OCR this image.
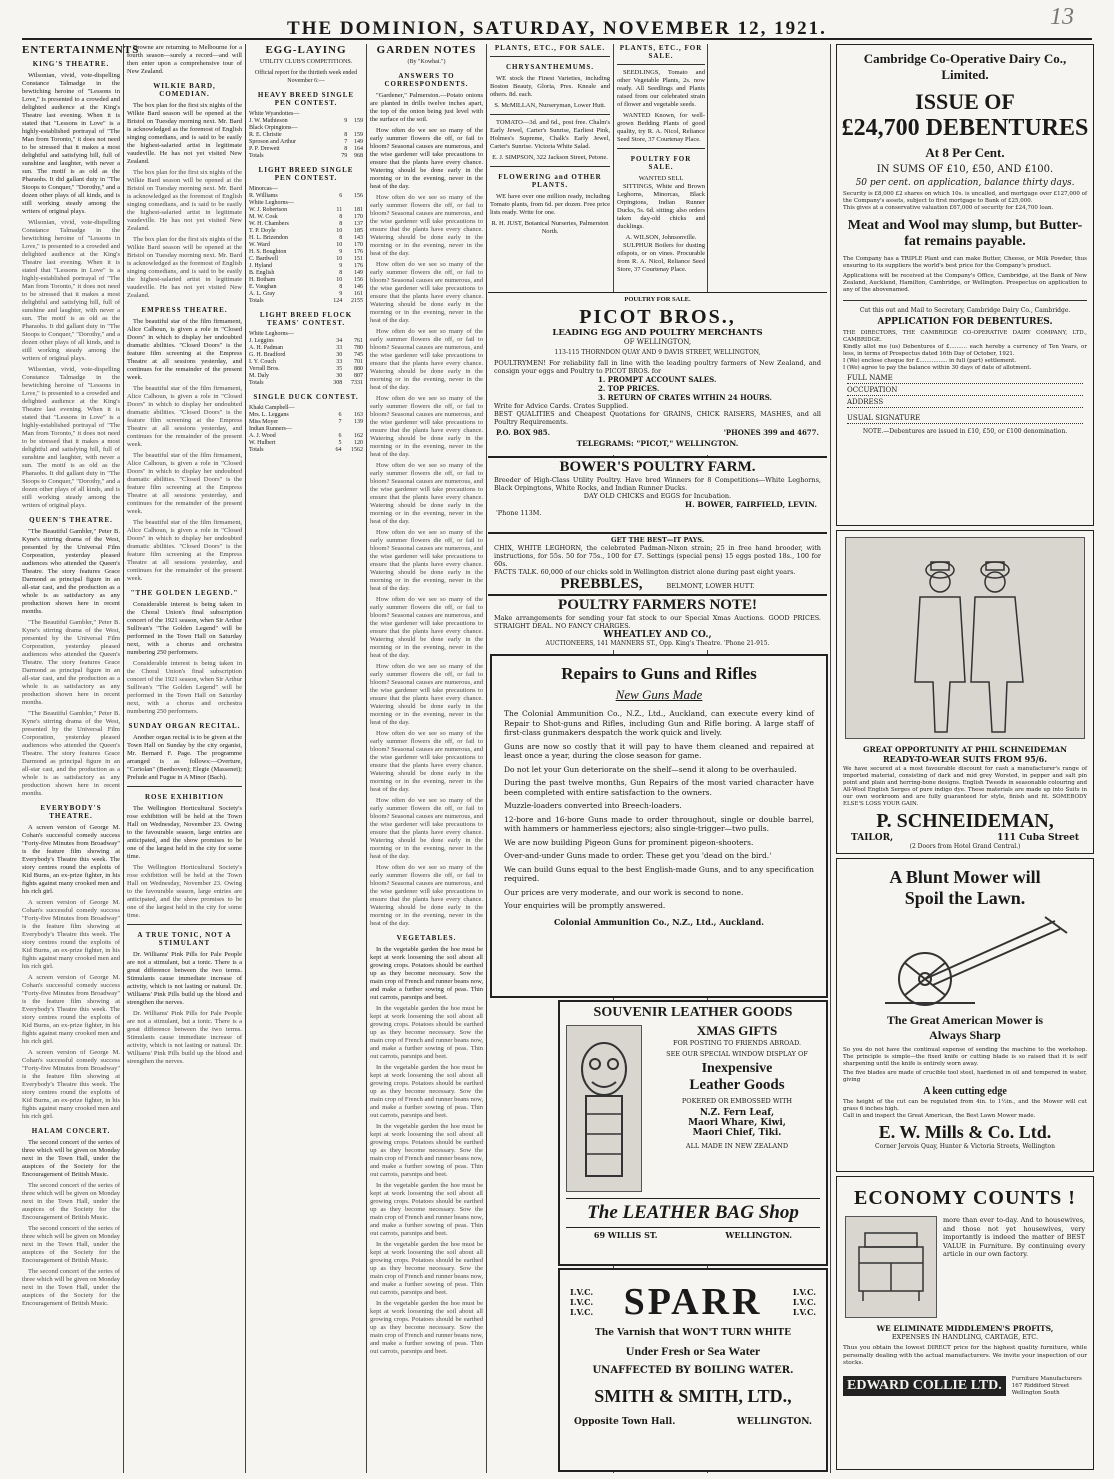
THE DOMINION, SATURDAY, NOVEMBER 12, 1921.	13
ENTERTAINMENTS
KING'S THEATRE.

Wilsonian, vivid, vote-dispelling Constance Talmadge in the bewitching heroine of "Lessons in Love," is presented to a crowded and delighted audience at the King's Theatre last evening. When it is stated that "Lessons in Love" is a highly-established portrayal of "The Man from Toronto," it does not need to be stressed that it makes a most delightful and satisfying bill, full of sunshine and laughter, with never a sun. The motif is as old as the Pharaohs. It did gallant duty in "The Stoops to Conquer," "Dorothy," and a dozen other plays of all kinds, and is still working steady among the writers of original plays.

Wilsonian, vivid, vote-dispelling Constance Talmadge in the bewitching heroine of "Lessons in Love," is presented to a crowded and delighted audience at the King's Theatre last evening. When it is stated that "Lessons in Love" is a highly-established portrayal of "The Man from Toronto," it does not need to be stressed that it makes a most delightful and satisfying bill, full of sunshine and laughter, with never a sun. The motif is as old as the Pharaohs. It did gallant duty in "The Stoops to Conquer," "Dorothy," and a dozen other plays of all kinds, and is still working steady among the writers of original plays.

Wilsonian, vivid, vote-dispelling Constance Talmadge in the bewitching heroine of "Lessons in Love," is presented to a crowded and delighted audience at the King's Theatre last evening. When it is stated that "Lessons in Love" is a highly-established portrayal of "The Man from Toronto," it does not need to be stressed that it makes a most delightful and satisfying bill, full of sunshine and laughter, with never a sun. The motif is as old as the Pharaohs. It did gallant duty in "The Stoops to Conquer," "Dorothy," and a dozen other plays of all kinds, and is still working steady among the writers of original plays.

QUEEN'S THEATRE.

"The Beautiful Gambler," Peter B. Kyne's stirring drama of the West, presented by the Universal Film Corporation, yesterday pleased audiences who attended the Queen's Theatre. The story features Grace Darmond as principal figure in an all-star cast, and the production as a whole is as satisfactory as any production shown here in recent months.

"The Beautiful Gambler," Peter B. Kyne's stirring drama of the West, presented by the Universal Film Corporation, yesterday pleased audiences who attended the Queen's Theatre. The story features Grace Darmond as principal figure in an all-star cast, and the production as a whole is as satisfactory as any production shown here in recent months.

"The Beautiful Gambler," Peter B. Kyne's stirring drama of the West, presented by the Universal Film Corporation, yesterday pleased audiences who attended the Queen's Theatre. The story features Grace Darmond as principal figure in an all-star cast, and the production as a whole is as satisfactory as any production shown here in recent months.

EVERYBODY'S THEATRE.

A screen version of George M. Cohan's successful comedy success "Forty-five Minutes from Broadway" is the feature film showing at Everybody's Theatre this week. The story centres round the exploits of Kid Burns, an ex-prize fighter, in his fights against many crooked men and his rich girl.

A screen version of George M. Cohan's successful comedy success "Forty-five Minutes from Broadway" is the feature film showing at Everybody's Theatre this week. The story centres round the exploits of Kid Burns, an ex-prize fighter, in his fights against many crooked men and his rich girl.

A screen version of George M. Cohan's successful comedy success "Forty-five Minutes from Broadway" is the feature film showing at Everybody's Theatre this week. The story centres round the exploits of Kid Burns, an ex-prize fighter, in his fights against many crooked men and his rich girl.

A screen version of George M. Cohan's successful comedy success "Forty-five Minutes from Broadway" is the feature film showing at Everybody's Theatre this week. The story centres round the exploits of Kid Burns, an ex-prize fighter, in his fights against many crooked men and his rich girl.

HALAM CONCERT.

The second concert of the series of three which will be given on Monday next in the Town Hall, under the auspices of the Society for the Encouragement of British Music.

The second concert of the series of three which will be given on Monday next in the Town Hall, under the auspices of the Society for the Encouragement of British Music.

The second concert of the series of three which will be given on Monday next in the Town Hall, under the auspices of the Society for the Encouragement of British Music.

The second concert of the series of three which will be given on Monday next in the Town Hall, under the auspices of the Society for the Encouragement of British Music.

Browne are returning to Melbourne for a fourth season—surely a record—and will then enter upon a comprehensive tour of New Zealand.

WILKIE BARD, COMEDIAN.

The box plan for the first six nights of the Wilkie Bard season will be opened at the Bristol on Tuesday morning next. Mr. Bard is acknowledged as the foremost of English singing comedians, and is said to be easily the highest-salaried artist in legitimate vaudeville. He has not yet visited New Zealand.

The box plan for the first six nights of the Wilkie Bard season will be opened at the Bristol on Tuesday morning next. Mr. Bard is acknowledged as the foremost of English singing comedians, and is said to be easily the highest-salaried artist in legitimate vaudeville. He has not yet visited New Zealand.

The box plan for the first six nights of the Wilkie Bard season will be opened at the Bristol on Tuesday morning next. Mr. Bard is acknowledged as the foremost of English singing comedians, and is said to be easily the highest-salaried artist in legitimate vaudeville. He has not yet visited New Zealand.

EMPRESS THEATRE.

The beautiful star of the film firmament, Alice Calhoun, is given a role in "Closed Doors" in which to display her undoubted dramatic abilities. "Closed Doors" is the feature film screening at the Empress Theatre at all sessions yesterday, and continues for the remainder of the present week.

The beautiful star of the film firmament, Alice Calhoun, is given a role in "Closed Doors" in which to display her undoubted dramatic abilities. "Closed Doors" is the feature film screening at the Empress Theatre at all sessions yesterday, and continues for the remainder of the present week.

The beautiful star of the film firmament, Alice Calhoun, is given a role in "Closed Doors" in which to display her undoubted dramatic abilities. "Closed Doors" is the feature film screening at the Empress Theatre at all sessions yesterday, and continues for the remainder of the present week.

The beautiful star of the film firmament, Alice Calhoun, is given a role in "Closed Doors" in which to display her undoubted dramatic abilities. "Closed Doors" is the feature film screening at the Empress Theatre at all sessions yesterday, and continues for the remainder of the present week.

"THE GOLDEN LEGEND."

Considerable interest is being taken in the Choral Union's final subscription concert of the 1921 season, when Sir Arthur Sullivan's "The Golden Legend" will be performed in the Town Hall on Saturday next, with a chorus and orchestra numbering 250 performers.

Considerable interest is being taken in the Choral Union's final subscription concert of the 1921 season, when Sir Arthur Sullivan's "The Golden Legend" will be performed in the Town Hall on Saturday next, with a chorus and orchestra numbering 250 performers.

SUNDAY ORGAN RECITAL.

Another organ recital is to be given at the Town Hall on Sunday by the city organist, Mr. Bernard F. Page. The programme arranged is as follows:—Overture, "Coriolan" (Beethoven); Elegie (Massenet); Prelude and Fugue in A Minor (Bach).

ROSE EXHIBITION

The Wellington Horticultural Society's rose exhibition will be held at the Town Hall on Wednesday, November 23. Owing to the favourable season, large entries are anticipated, and the show promises to be one of the largest held in the city for some time.

The Wellington Horticultural Society's rose exhibition will be held at the Town Hall on Wednesday, November 23. Owing to the favourable season, large entries are anticipated, and the show promises to be one of the largest held in the city for some time.

A TRUE TONIC, NOT A STIMULANT

Dr. Williams' Pink Pills for Pale People are not a stimulant, but a tonic. There is a great difference between the two terms. Stimulants cause immediate increase of activity, which is not lasting or natural. Dr. Williams' Pink Pills build up the blood and strengthen the nerves.

Dr. Williams' Pink Pills for Pale People are not a stimulant, but a tonic. There is a great difference between the two terms. Stimulants cause immediate increase of activity, which is not lasting or natural. Dr. Williams' Pink Pills build up the blood and strengthen the nerves.

EGG-LAYING
UTILITY CLUB'S COMPETITIONS.
Official report for the thirtieth week ended November 6:—
HEAVY BREED SINGLE PEN CONTEST.
White Wyandottes—		
J. W. Mathieson	9	159
Black Orpingtons—		
R. E. Christie	8	159
Sproson and Arthur	7	149
P. P. Drewett	8	164
Totals	79	968
LIGHT BREED SINGLE PEN CONTEST.
Minorcas—		
R. Williams	6	156
White Leghorns—		
W. J. Robertson	11	181
M. W. Cosk	8	170
W. H. Chambers	8	137
T. P. Doyle	10	185
H. L. Brizendon	8	143
W. Ward	10	170
H. S. Boughton	9	176
C. Bardwell	10	151
J. Hyland	9	176
B. English	8	149
H. Botham	10	156
E. Vaughan	8	146
A. L. Gray	9	161
Totals	124	2155
LIGHT BREED FLOCK TEAMS' CONTEST.
White Leghorns—		
J. Leggins	34	761
A. H. Padman	33	780
G. H. Bradford	30	745
I. Y. Couch	33	701
Verrall Bros.	35	880
M. Daly	30	807
Totals	308	7331
SINGLE DUCK CONTEST.
Khaki Campbell—		
Mrs. L. Leggans	6	163
Miss Moyer	7	139
Indian Runners—		
A. J. Wood	6	162
W. Hulbert	5	120
Totals	64	1562
GARDEN NOTES
(By "Kowhai.")
ANSWERS TO CORRESPONDENTS.

"Gardener," Palmerston.—Potato onions are planted in drills twelve inches apart, the top of the onion being just level with the surface of the soil.

How often do we see so many of the early summer flowers die off, or fail to bloom? Seasonal causes are numerous, and the wise gardener will take precautions to ensure that the plants have every chance. Watering should be done early in the morning or in the evening, never in the heat of the day.

How often do we see so many of the early summer flowers die off, or fail to bloom? Seasonal causes are numerous, and the wise gardener will take precautions to ensure that the plants have every chance. Watering should be done early in the morning or in the evening, never in the heat of the day.

How often do we see so many of the early summer flowers die off, or fail to bloom? Seasonal causes are numerous, and the wise gardener will take precautions to ensure that the plants have every chance. Watering should be done early in the morning or in the evening, never in the heat of the day.

How often do we see so many of the early summer flowers die off, or fail to bloom? Seasonal causes are numerous, and the wise gardener will take precautions to ensure that the plants have every chance. Watering should be done early in the morning or in the evening, never in the heat of the day.

How often do we see so many of the early summer flowers die off, or fail to bloom? Seasonal causes are numerous, and the wise gardener will take precautions to ensure that the plants have every chance. Watering should be done early in the morning or in the evening, never in the heat of the day.

How often do we see so many of the early summer flowers die off, or fail to bloom? Seasonal causes are numerous, and the wise gardener will take precautions to ensure that the plants have every chance. Watering should be done early in the morning or in the evening, never in the heat of the day.

How often do we see so many of the early summer flowers die off, or fail to bloom? Seasonal causes are numerous, and the wise gardener will take precautions to ensure that the plants have every chance. Watering should be done early in the morning or in the evening, never in the heat of the day.

How often do we see so many of the early summer flowers die off, or fail to bloom? Seasonal causes are numerous, and the wise gardener will take precautions to ensure that the plants have every chance. Watering should be done early in the morning or in the evening, never in the heat of the day.

How often do we see so many of the early summer flowers die off, or fail to bloom? Seasonal causes are numerous, and the wise gardener will take precautions to ensure that the plants have every chance. Watering should be done early in the morning or in the evening, never in the heat of the day.

How often do we see so many of the early summer flowers die off, or fail to bloom? Seasonal causes are numerous, and the wise gardener will take precautions to ensure that the plants have every chance. Watering should be done early in the morning or in the evening, never in the heat of the day.

How often do we see so many of the early summer flowers die off, or fail to bloom? Seasonal causes are numerous, and the wise gardener will take precautions to ensure that the plants have every chance. Watering should be done early in the morning or in the evening, never in the heat of the day.

How often do we see so many of the early summer flowers die off, or fail to bloom? Seasonal causes are numerous, and the wise gardener will take precautions to ensure that the plants have every chance. Watering should be done early in the morning or in the evening, never in the heat of the day.

VEGETABLES.

In the vegetable garden the hoe must be kept at work loosening the soil about all growing crops. Potatoes should be earthed up as they become necessary. Sow the main crop of French and runner beans now, and make a further sowing of peas. Thin out carrots, parsnips and beet.

In the vegetable garden the hoe must be kept at work loosening the soil about all growing crops. Potatoes should be earthed up as they become necessary. Sow the main crop of French and runner beans now, and make a further sowing of peas. Thin out carrots, parsnips and beet.

In the vegetable garden the hoe must be kept at work loosening the soil about all growing crops. Potatoes should be earthed up as they become necessary. Sow the main crop of French and runner beans now, and make a further sowing of peas. Thin out carrots, parsnips and beet.

In the vegetable garden the hoe must be kept at work loosening the soil about all growing crops. Potatoes should be earthed up as they become necessary. Sow the main crop of French and runner beans now, and make a further sowing of peas. Thin out carrots, parsnips and beet.

In the vegetable garden the hoe must be kept at work loosening the soil about all growing crops. Potatoes should be earthed up as they become necessary. Sow the main crop of French and runner beans now, and make a further sowing of peas. Thin out carrots, parsnips and beet.

In the vegetable garden the hoe must be kept at work loosening the soil about all growing crops. Potatoes should be earthed up as they become necessary. Sow the main crop of French and runner beans now, and make a further sowing of peas. Thin out carrots, parsnips and beet.

In the vegetable garden the hoe must be kept at work loosening the soil about all growing crops. Potatoes should be earthed up as they become necessary. Sow the main crop of French and runner beans now, and make a further sowing of peas. Thin out carrots, parsnips and beet.

PLANTS, ETC., FOR SALE.
CHRYSANTHEMUMS.

WE stock the Finest Varieties, including Boston Beauty, Gloria, Pres. Kneale and others. 8d. each.

S. McMILLAN, Nurseryman, Lower Hutt.

TOMATO—3d. and 6d., post free. Chalm's Early Jewel, Carter's Sunrise, Earliest Pink, Holmes's Supreme, Chalk's Early Jewel, Carter's Sunrise. Victoria White Salad.

E. J. SIMPSON, 322 Jackson Street, Petone.
FLOWERING and OTHER PLANTS.

WE have over one million ready, including Tomato plants, from 6d. per dozen. Free price lists ready. Write for one.

R. H. JUST, Botanical Nurseries, Palmerston North.
PLANTS, ETC., FOR SALE.

SEEDLINGS, Tomato and other Vegetable Plants, 2s. now ready. All Seedlings and Plants raised from our celebrated strain of flower and vegetable seeds.

WANTED Known, for well-grown Bedding Plants of good quality, try R. A. Nicol, Reliance Seed Store, 37 Courtenay Place.

POULTRY FOR SALE.
WANTED SELL

SITTINGS, White and Brown Leghorns, Minorcas, Black Orpingtons, Indian Runner Ducks, 5s. 6d. sitting; also orders taken day-old chicks and ducklings.

A. WILSON, Johnsonville.

SULPHUR Boilers for dusting oilspots, or on vines. Procurable from R. A. Nicol, Reliance Seed Store, 37 Courtenay Place.

POULTRY FOR SALE.
PICOT BROS.,
LEADING EGG AND POULTRY MERCHANTS
OF WELLINGTON,
113-115 THORNDON QUAY AND 9 DAVIS STREET, WELLINGTON,
POULTRYMEN! For reliability fall in line with the leading poultry farmers of New Zealand, and consign your eggs and Poultry to PICOT BROS. for
1. PROMPT ACCOUNT SALES.
2. TOP PRICES.
3. RETURN OF CRATES WITHIN 24 HOURS.
Write for Advice Cards. Crates Supplied.
BEST QUALITIES and Cheapest Quotations for GRAINS, CHICK RAISERS, MASHES, and all Poultry Requirements.
P.O. BOX 985.	'PHONES 399 and 4677.
TELEGRAMS: "PICOT," WELLINGTON.
BOWER'S POULTRY FARM.
Breeder of High-Class Utility Poultry. Have bred Winners for 8 Competitions—White Leghorns, Black Orpingtons, White Rocks, and Indian Runner Ducks.
DAY OLD CHICKS and EGGS for Incubation.
H. BOWER, FAIRFIELD, LEVIN.
'Phone 113M.
GET THE BEST—IT PAYS.
CHIX, WHITE LEGHORN, the celebrated Padman-Nixon strain; 25 in free hand brooder, with instructions, for 55s. 50 for 75s., 100 for £7. Settings (special pens) 15 eggs posted 18s., 100 for 60s.
FACTS TALK. 60,000 of our chicks sold in Wellington district alone during past eight years.
PREBBLES,	BELMONT, LOWER HUTT.
POULTRY FARMERS NOTE!
Make arrangements for sending your fat stock to our Special Xmas Auctions. GOOD PRICES. STRAIGHT DEAL. NO FANCY CHARGES.
WHEATLEY AND CO.,
AUCTIONEERS, 141 MANNERS ST., Opp. King's Theatre. 'Phone 21-915.
Repairs to Guns and Rifles
New Guns Made

The Colonial Ammunition Co., N.Z., Ltd., Auckland, can execute every kind of Repair to Shot-guns and Rifles, including Gun and Rifle boring. A large staff of first-class gunmakers despatch the work quick and lively.

Guns are now so costly that it will pay to have them cleaned and repaired at least once a year, during the close season for game.

Do not let your Gun deteriorate on the shelf—send it along to be overhauled.

During the past twelve months, Gun Repairs of the most varied character have been completed with entire satisfaction to the owners.

Muzzle-loaders converted into Breech-loaders.

12-bore and 16-bore Guns made to order throughout, single or double barrel, with hammers or hammerless ejectors; also single-trigger—two pulls.

We are now building Pigeon Guns for prominent pigeon-shooters.

Over-and-under Guns made to order. These get you 'dead on the bird.'

We can build Guns equal to the best English-made Guns, and to any specification required.

Our prices are very moderate, and our work is second to none.

Your enquiries will be promptly answered.

Colonial Ammunition Co., N.Z., Ltd., Auckland.
SOUVENIR LEATHER GOODS
XMAS GIFTS
FOR POSTING TO FRIENDS ABROAD.
SEE OUR SPECIAL WINDOW DISPLAY OF
Inexpensive
Leather Goods
POKERED OR EMBOSSED WITH
N.Z. Fern Leaf,
Maori Whare, Kiwi,
Maori Chief, Tiki.
ALL MADE IN NEW ZEALAND
The LEATHER BAG Shop
69 WILLIS ST.	WELLINGTON.
I.V.C.
I.V.C.
I.V.C. SPARR	I.V.C.
I.V.C.
I.V.C.
The Varnish that WON'T TURN WHITE
Under Fresh or Sea Water
UNAFFECTED BY BOILING WATER.
SMITH & SMITH, LTD.,
Opposite Town Hall.	WELLINGTON.
Cambridge Co-Operative Dairy Co.,
Limited.
ISSUE OF
£24,700 DEBENTURES
At 8 Per Cent.
IN SUMS OF £10, £50, AND £100.
50 per cent. on application, balance thirty days.
Security is £8,000 £2 shares on which 10s. is uncalled, and mortgage over £127,000 of the Company's assets, subject to first mortgage to Bank of £25,000.
This gives at a conservative valuation £67,000 of security for £24,700 loan.
Meat and Wool may slump, but Butter-fat remains payable.
The Company has a TRIPLE Plant and can make Butter, Cheese, or Milk Powder, thus ensuring to its suppliers the world's best price for the Company's product.
Applications will be received at the Company's Office, Cambridge, at the Bank of New Zealand, Auckland, Hamilton, Cambridge, or Wellington. Prospectus on application to any of the abovenamed.
Cut this out and Mail to Secretary, Cambridge Dairy Co., Cambridge.
APPLICATION FOR DEBENTURES.
THE DIRECTORS, THE CAMBRIDGE CO-OPERATIVE DAIRY COMPANY, LTD., CAMBRIDGE.
Kindly allot me (us) Debentures of £.......... each hereby a currency of Ten Years, or less, in terms of Prospectus dated 16th Day of October, 1921.
I (We) enclose cheque for £................ in full (part) settlement.
I (We) agree to pay the balance within 30 days of date of allotment.
FULL NAME
OCCUPATION
ADDRESS
USUAL SIGNATURE
NOTE.—Debentures are issued in £10, £50, or £100 denomination.
GREAT OPPORTUNITY AT PHIL SCHNEIDEMAN
READY-TO-WEAR SUITS FROM 95/6.
We have secured at a most favourable discount for cash a manufacturer's range of imported material, consisting of dark and mid grey Worsted, in pepper and salt pin point and plain and herring-bone designs. English Tweeds in seasonable colouring and All-Wool English Serges of pure indigo dye. These materials are made up into Suits in our own workroom and are fully guaranteed for style, finish and fit. SOMEBODY ELSE'S LOSS YOUR GAIN.
P. SCHNEIDEMAN,
TAILOR,	111 Cuba Street
(2 Doors from Hotel Grand Central.)
A Blunt Mower will
Spoil the Lawn.
The Great American Mower is
Always Sharp
So you do not have the continual expense of sending the machine to the workshop. The principle is simple—the fixed knife or cutting blade is so raised that it is self sharpening until the knife is entirely worn away.
The five blades are made of crucible tool steel, hardened in oil and tempered in water, giving
A keen cutting edge
The height of the cut can be regulated from 4in. to 1½in., and the Mower will cut grass 6 inches high.
Call in and inspect the Great American, the Best Lawn Mower made.
E. W. Mills & Co. Ltd.
Corner Jervois Quay, Hunter & Victoria Streets, Wellington
ECONOMY COUNTS !
more than ever to-day. And to housewives, and those not yet housewives, very importantly is indeed the matter of BEST VALUE in Furniture. By continuing every article in our own factory.
WE ELIMINATE MIDDLEMEN'S PROFITS,
EXPENSES IN HANDLING, CARTAGE, ETC.
Thus you obtain the lowest DIRECT price for the highest quality furniture, while personally dealing with the actual manufacturers. We invite your inspection of our stocks.
EDWARD COLLIE LTD.	Furniture Manufacturers 167 Riddiford Street Wellington South
